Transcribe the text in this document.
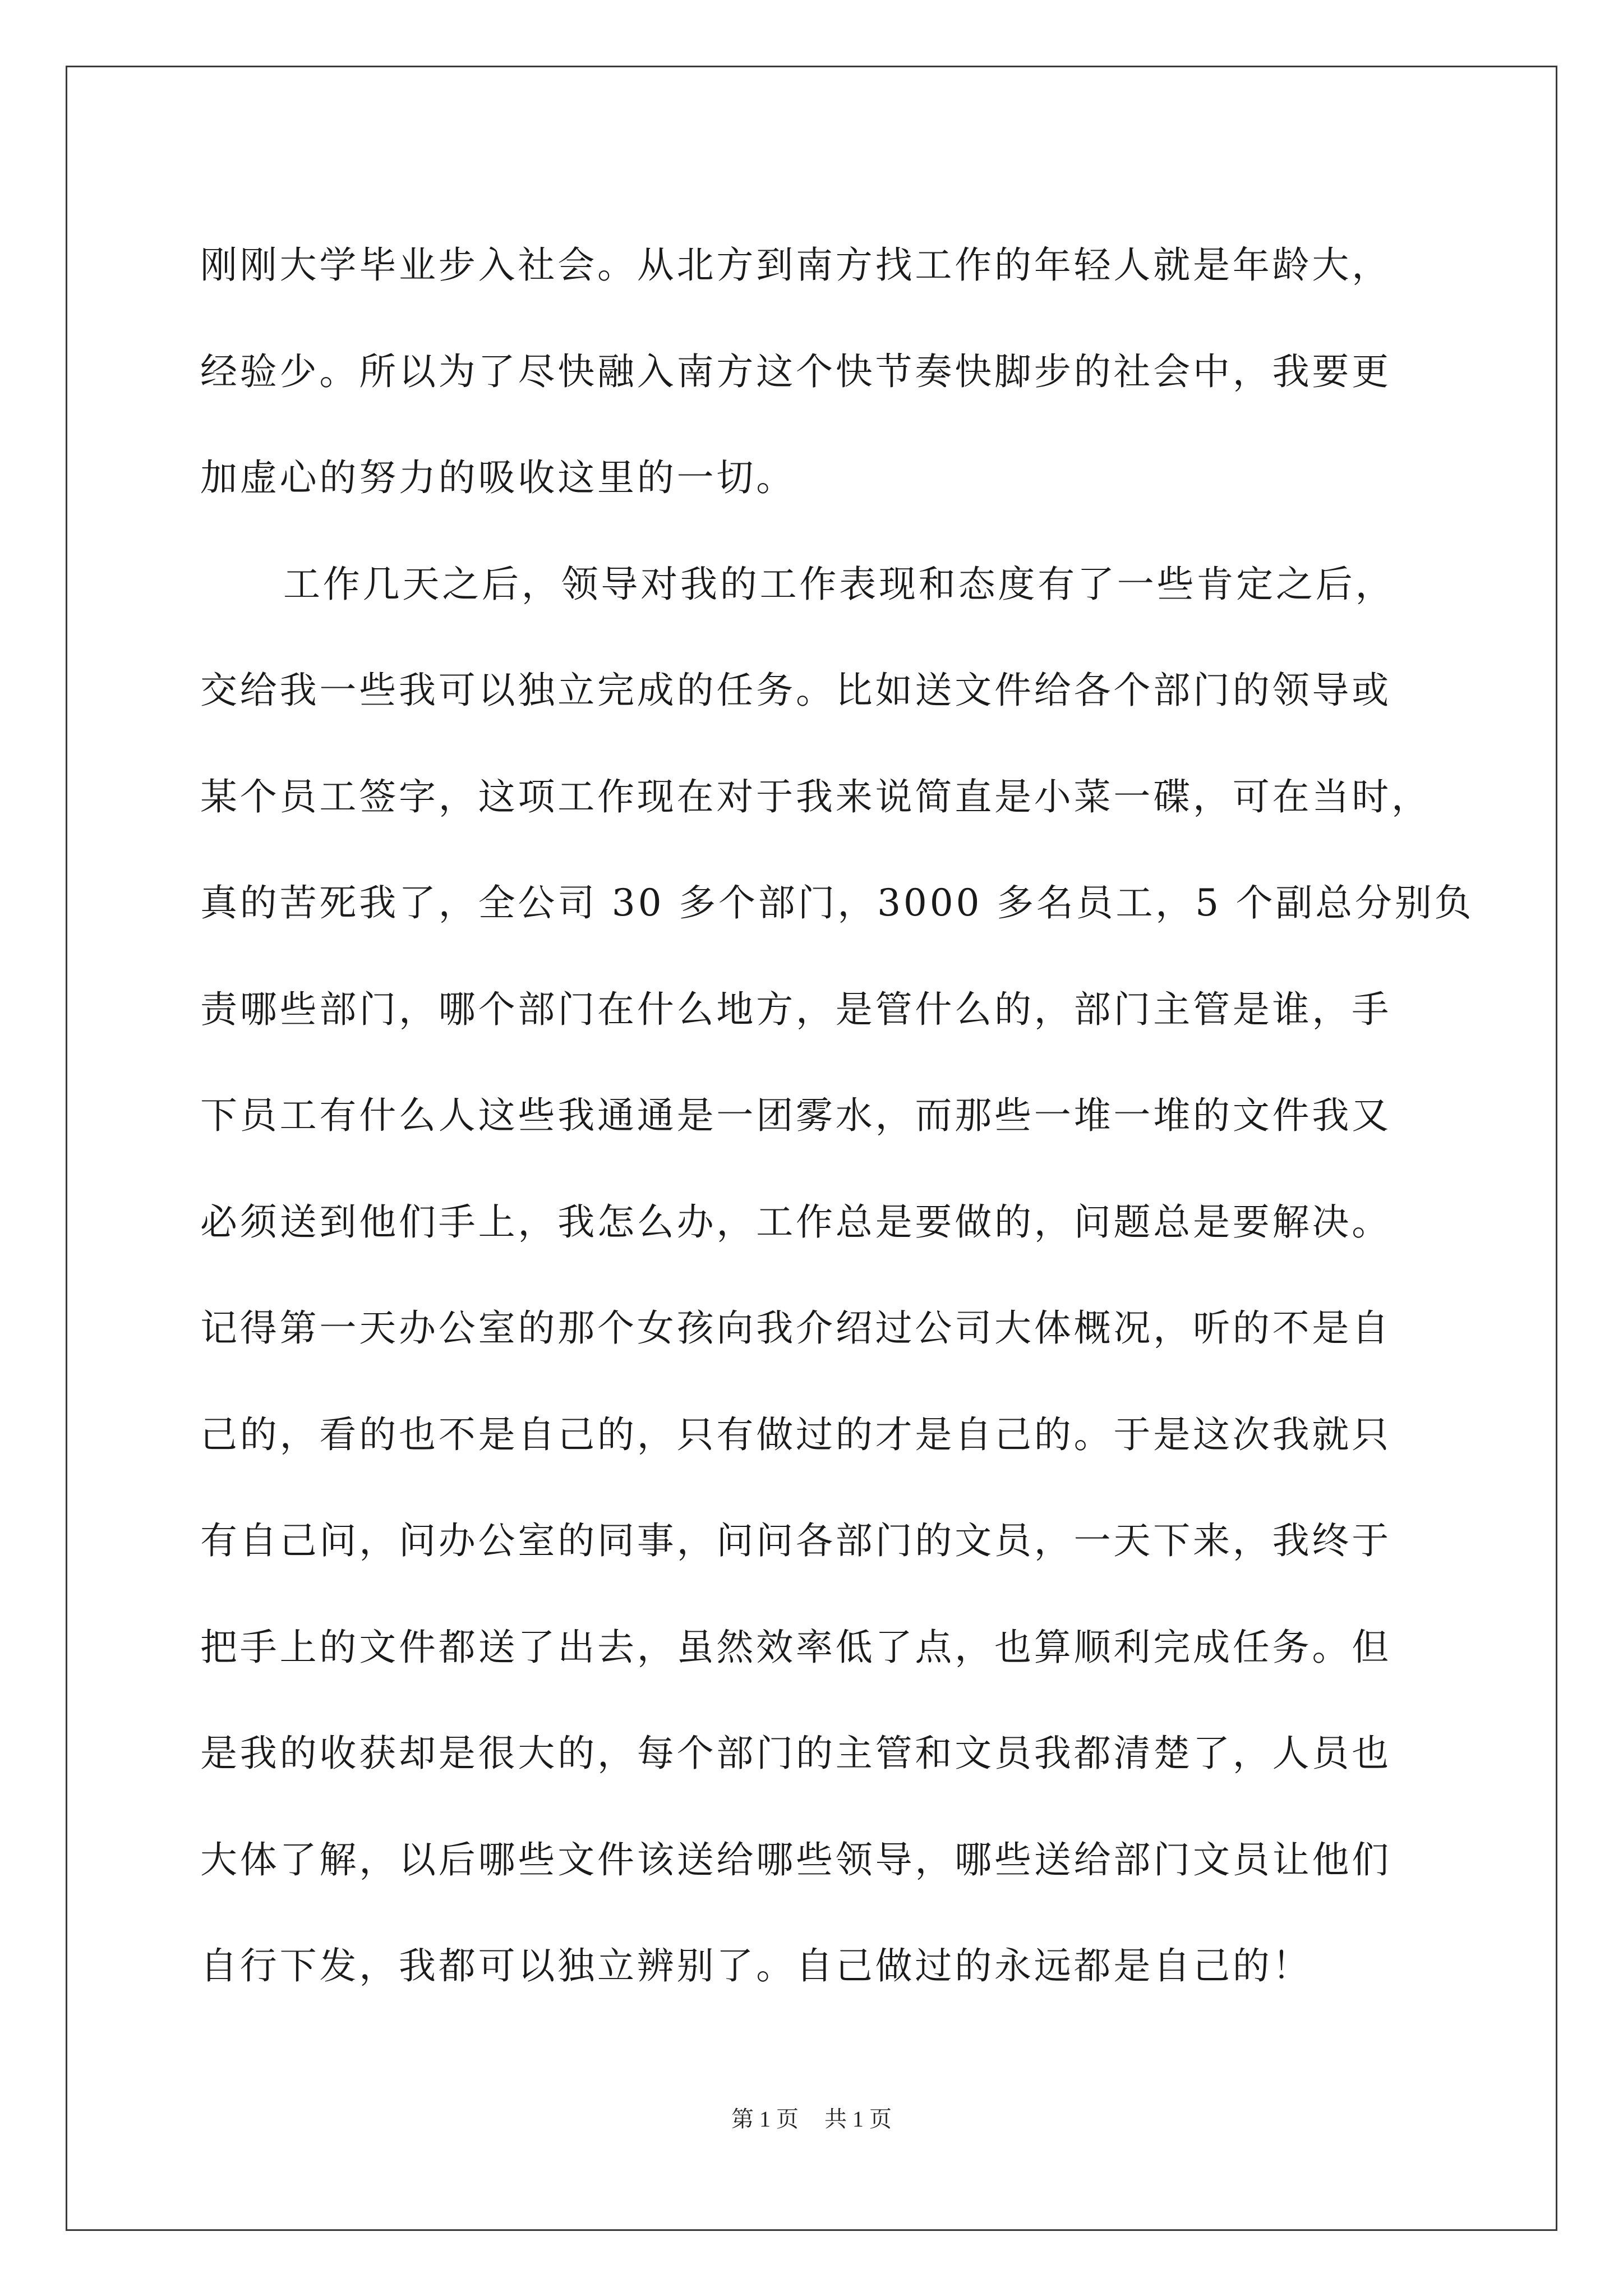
刚刚大学毕业步入社会。从北方到南方找工作的年轻人就是年龄大，
经验少。所以为了尽快融入南方这个快节奏快脚步的社会中，我要更
加虚心的努力的吸收这里的一切。
工作几天之后，领导对我的工作表现和态度有了一些肯定之后，
交给我一些我可以独立完成的任务。比如送文件给各个部门的领导或
某个员工签字，这项工作现在对于我来说简直是小菜一碟，可在当时，
真的苦死我了，全公司 30 多个部门，3000 多名员工，5 个副总分别负
责哪些部门，哪个部门在什么地方，是管什么的，部门主管是谁，手
下员工有什么人这些我通通是一团雾水，而那些一堆一堆的文件我又
必须送到他们手上，我怎么办，工作总是要做的，问题总是要解决。
记得第一天办公室的那个女孩向我介绍过公司大体概况，听的不是自
己的，看的也不是自己的，只有做过的才是自己的。于是这次我就只
有自己问，问办公室的同事，问问各部门的文员，一天下来，我终于
把手上的文件都送了出去，虽然效率低了点，也算顺利完成任务。但
是我的收获却是很大的，每个部门的主管和文员我都清楚了，人员也
大体了解，以后哪些文件该送给哪些领导，哪些送给部门文员让他们
自行下发，我都可以独立辨别了。自己做过的永远都是自己的！
第 1 页 共 1 页
